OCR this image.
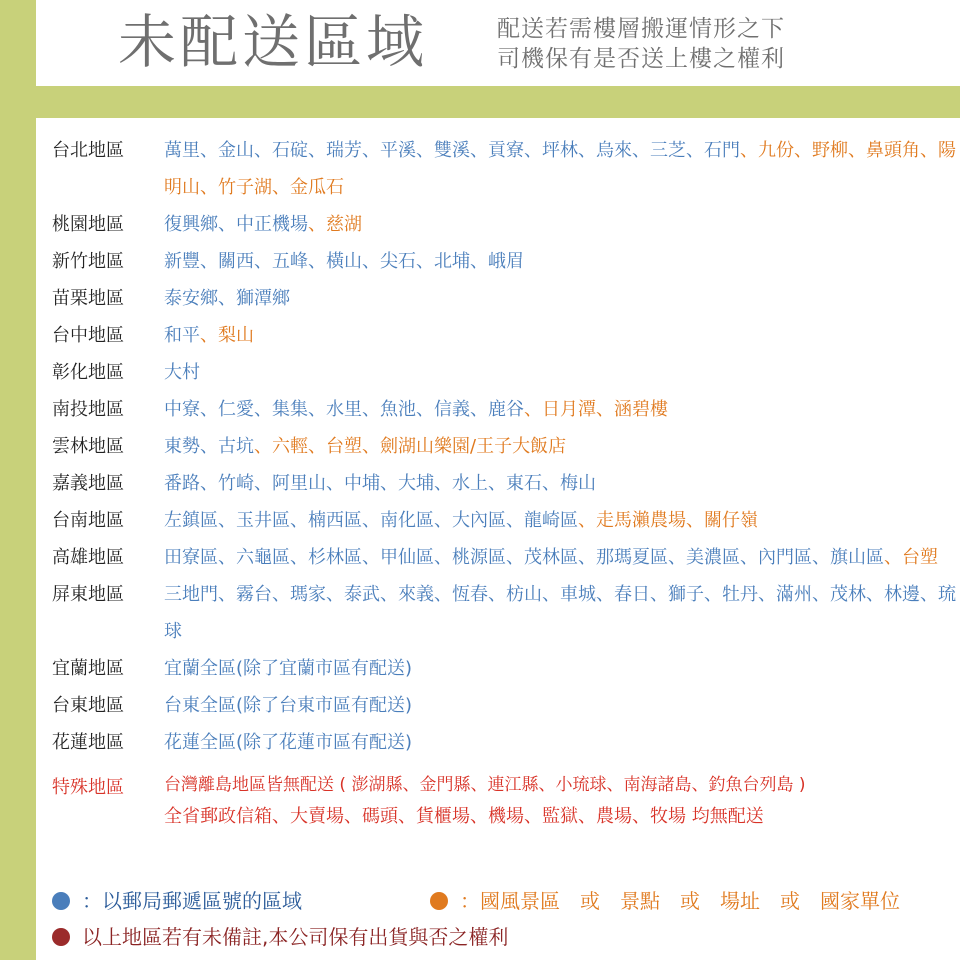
未配送區域	配送若需樓層搬運情形之下
司機保有是否送上樓之權利
台北地區	萬里、金山、石碇、瑞芳、平溪、雙溪、貢寮、坪林、烏來、三芝、石門、九份、野柳、鼻頭角、陽明山、竹子湖、金瓜石
桃園地區	復興鄉、中正機場、慈湖
新竹地區	新豐、關西、五峰、橫山、尖石、北埔、峨眉
苗栗地區	泰安鄉、獅潭鄉
台中地區	和平、梨山
彰化地區	大村
南投地區	中寮、仁愛、集集、水里、魚池、信義、鹿谷、日月潭、涵碧樓
雲林地區	東勢、古坑、六輕、台塑、劍湖山樂園/王子大飯店
嘉義地區	番路、竹崎、阿里山、中埔、大埔、水上、東石、梅山
台南地區	左鎮區、玉井區、楠西區、南化區、大內區、龍崎區、走馬瀨農場、關仔嶺
高雄地區	田寮區、六龜區、杉林區、甲仙區、桃源區、茂林區、那瑪夏區、美濃區、內門區、旗山區、台塑
屏東地區	三地門、霧台、瑪家、泰武、來義、恆春、枋山、車城、春日、獅子、牡丹、滿州、茂林、林邊、琉球
宜蘭地區	宜蘭全區(除了宜蘭市區有配送)
台東地區	台東全區(除了台東市區有配送)
花蓮地區	花蓮全區(除了花蓮市區有配送)
特殊地區	台灣離島地區皆無配送 ( 澎湖縣、金門縣、連江縣、小琉球、南海諸島、釣魚台列島 )
全省郵政信箱、大賣場、碼頭、貨櫃場、機場、監獄、農場、牧場 均無配送
：以郵局郵遞區號的區域	：國風景區　或　景點　或　場址　或　國家單位
以上地區若有未備註,本公司保有出貨與否之權利
